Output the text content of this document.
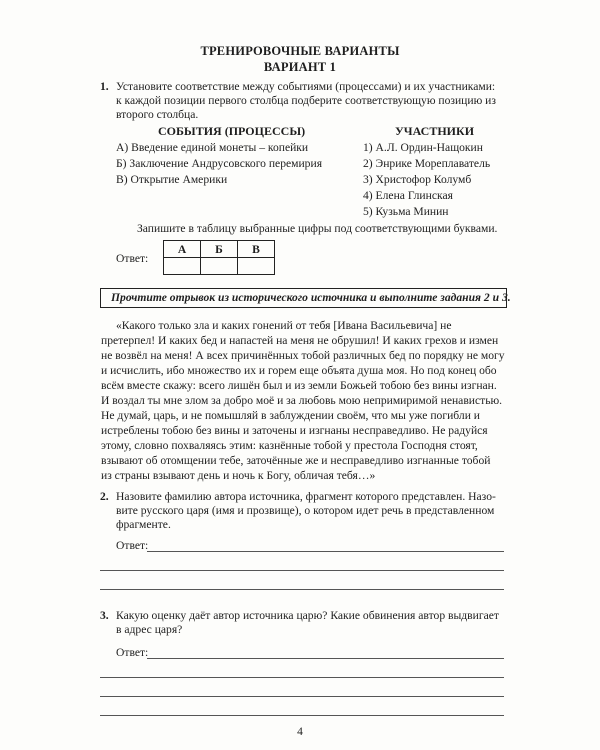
ТРЕНИРОВОЧНЫЕ ВАРИАНТЫ
ВАРИАНТ 1
1. Установите соответствие между событиями (процессами) и их участниками:
к каждой позиции первого столбца подберите соответствующую позицию из
второго столбца.
СОБЫТИЯ (ПРОЦЕССЫ)	УЧАСТНИКИ
А) Введение единой монеты – копейки
Б) Заключение Андрусовского перемирия
В) Открытие Америки
1) А.Л. Ордин-Нащокин
2) Энрике Мореплаватель
3) Христофор Колумб
4) Елена Глинская
5) Кузьма Минин
Запишите в таблицу выбранные цифры под соответствующими буквами.
Ответ:
А	Б	В

Прочтите отрывок из исторического источника и выполните задания 2 и 3.
«Какого только зла и каких гонений от тебя [Ивана Васильевича] не
претерпел! И каких бед и напастей на меня не обрушил! И каких грехов и измен
не возвёл на меня! А всех причинённых тобой различных бед по порядку не могу
и исчислить, ибо множество их и горем еще объята душа моя. Но под конец обо
всём вместе скажу: всего лишён был и из земли Божьей тобою без вины изгнан.
И воздал ты мне злом за добро моё и за любовь мою непримиримой ненавистью.
Не думай, царь, и не помышляй в заблуждении своём, что мы уже погибли и
истреблены тобою без вины и заточены и изгнаны несправедливо. Не радуйся
этому, словно похваляясь этим: казнённые тобой у престола Господня стоят,
взывают об отомщении тебе, заточённые же и несправедливо изгнанные тобой
из страны взывают день и ночь к Богу, обличая тебя…»
2. Назовите фамилию автора источника, фрагмент которого представлен. Назо-
вите русского царя (имя и прозвище), о котором идет речь в представленном
фрагменте.
Ответ:
3. Какую оценку даёт автор источника царю? Какие обвинения автор выдвигает
в адрес царя?
Ответ:
4
